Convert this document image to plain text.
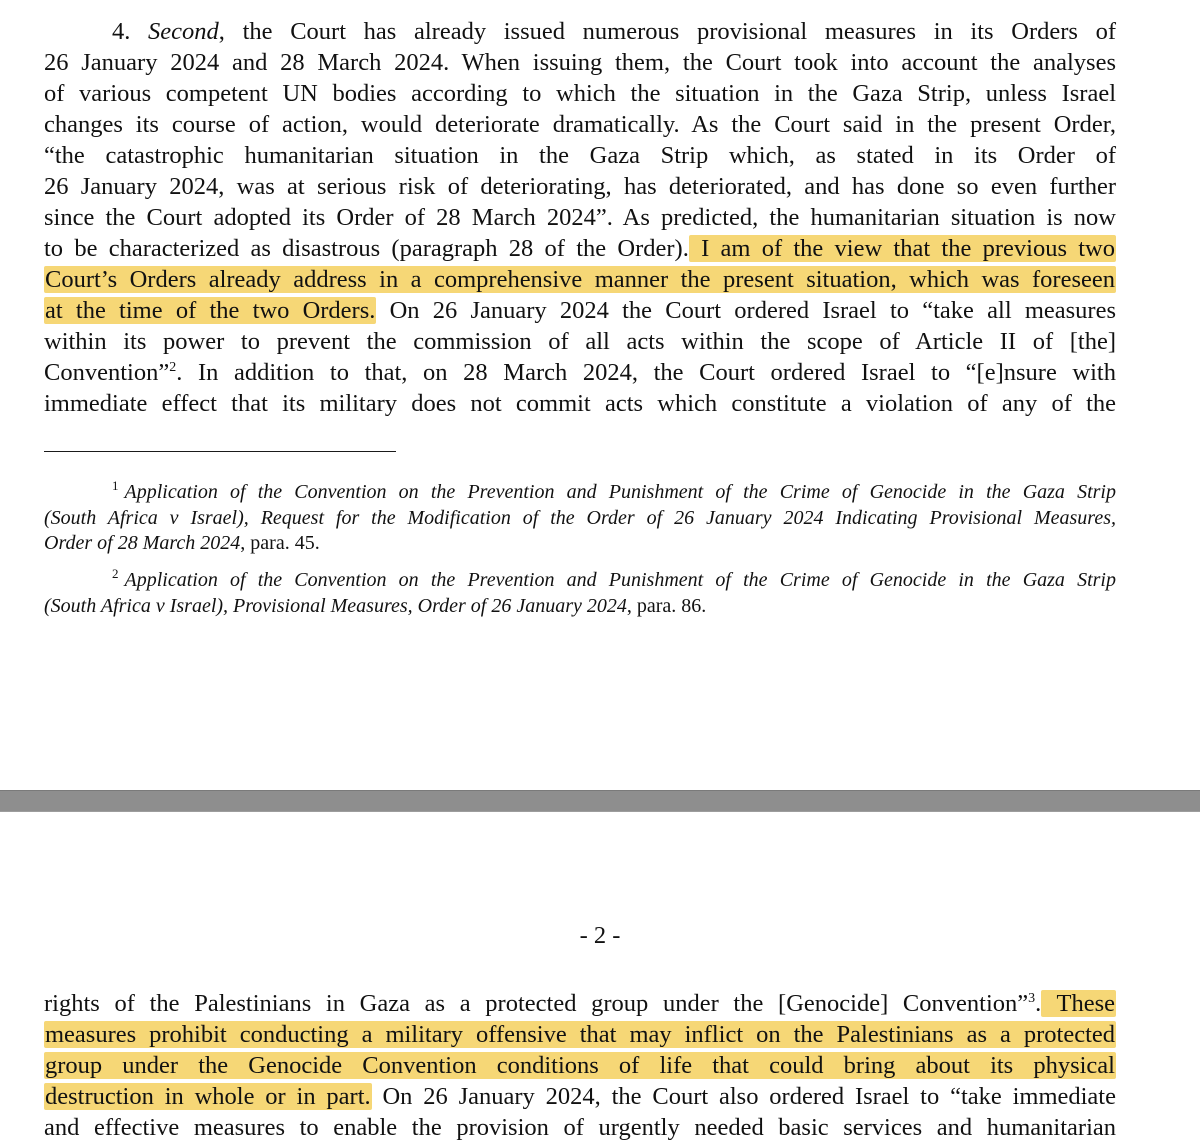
4. Second, the Court has already issued numerous provisional measures in its Orders of
26 January 2024 and 28 March 2024. When issuing them, the Court took into account the analyses
of various competent UN bodies according to which the situation in the Gaza Strip, unless Israel
changes its course of action, would deteriorate dramatically. As the Court said in the present Order,
“the catastrophic humanitarian situation in the Gaza Strip which, as stated in its Order of
26 January 2024, was at serious risk of deteriorating, has deteriorated, and has done so even further
since the Court adopted its Order of 28 March 2024”. As predicted, the humanitarian situation is now
to be characterized as disastrous (paragraph 28 of the Order). I am of the view that the previous two
Court’s Orders already address in a comprehensive manner the present situation, which was foreseen
at the time of the two Orders. On 26 January 2024 the Court ordered Israel to “take all measures
within its power to prevent the commission of all acts within the scope of Article II of [the]
Convention”$^2$. In addition to that, on 28 March 2024, the Court ordered Israel to “[e]nsure with
immediate effect that its military does not commit acts which constitute a violation of any of the
$^1$ Application of the Convention on the Prevention and Punishment of the Crime of Genocide in the Gaza Strip
(South Africa v Israel), Request for the Modification of the Order of 26 January 2024 Indicating Provisional Measures,
Order of 28 March 2024, para. 45.
$^2$ Application of the Convention on the Prevention and Punishment of the Crime of Genocide in the Gaza Strip
(South Africa v Israel), Provisional Measures, Order of 26 January 2024, para. 86.
- 2 -
rights of the Palestinians in Gaza as a protected group under the [Genocide] Convention”$^3$. These
measures prohibit conducting a military offensive that may inflict on the Palestinians as a protected
group under the Genocide Convention conditions of life that could bring about its physical
destruction in whole or in part. On 26 January 2024, the Court also ordered Israel to “take immediate
and effective measures to enable the provision of urgently needed basic services and humanitarian
